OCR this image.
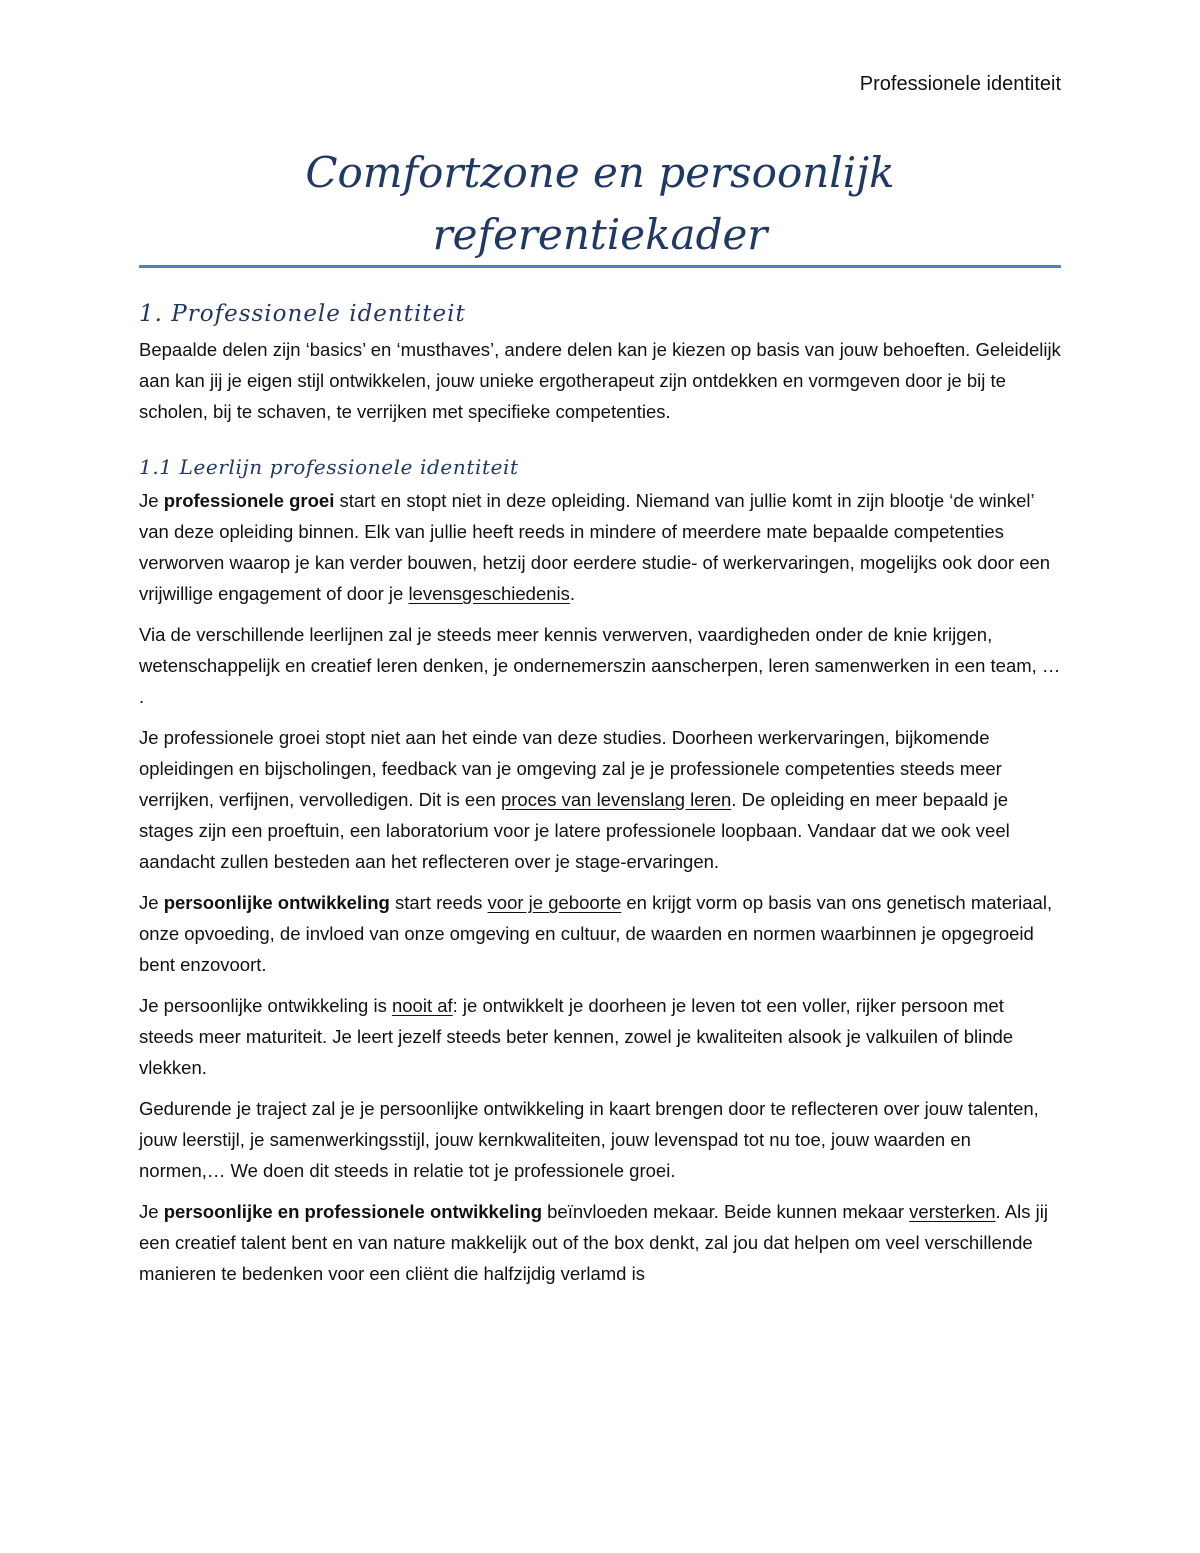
Professionele identiteit
Comfortzone en persoonlijk referentiekader
1. Professionele identiteit

Bepaalde delen zijn ‘basics’ en ‘musthaves’, andere delen kan je kiezen op basis van jouw behoeften. Geleidelijk aan kan jij je eigen stijl ontwikkelen, jouw unieke ergotherapeut zijn ontdekken en vormgeven door je bij te scholen, bij te schaven, te verrijken met specifieke competenties.

1.1 Leerlijn professionele identiteit

Je professionele groei start en stopt niet in deze opleiding. Niemand van jullie komt in zijn blootje ‘de winkel’ van deze opleiding binnen. Elk van jullie heeft reeds in mindere of meerdere mate bepaalde competenties verworven waarop je kan verder bouwen, hetzij door eerdere studie- of werkervaringen, mogelijks ook door een vrijwillige engagement of door je levensgeschiedenis.

Via de verschillende leerlijnen zal je steeds meer kennis verwerven, vaardigheden onder de knie krijgen, wetenschappelijk en creatief leren denken, je ondernemerszin aanscherpen, leren samenwerken in een team, … .

Je professionele groei stopt niet aan het einde van deze studies. Doorheen werkervaringen, bijkomende opleidingen en bijscholingen, feedback van je omgeving zal je je professionele competenties steeds meer verrijken, verfijnen, vervolledigen. Dit is een proces van levenslang leren. De opleiding en meer bepaald je stages zijn een proeftuin, een laboratorium voor je latere professionele loopbaan. Vandaar dat we ook veel aandacht zullen besteden aan het reflecteren over je stage-ervaringen.

Je persoonlijke ontwikkeling start reeds voor je geboorte en krijgt vorm op basis van ons genetisch materiaal, onze opvoeding, de invloed van onze omgeving en cultuur, de waarden en normen waarbinnen je opgegroeid bent enzovoort.

Je persoonlijke ontwikkeling is nooit af: je ontwikkelt je doorheen je leven tot een voller, rijker persoon met steeds meer maturiteit. Je leert jezelf steeds beter kennen, zowel je kwaliteiten alsook je valkuilen of blinde vlekken.

Gedurende je traject zal je je persoonlijke ontwikkeling in kaart brengen door te reflecteren over jouw talenten, jouw leerstijl, je samenwerkingsstijl, jouw kernkwaliteiten, jouw levenspad tot nu toe, jouw waarden en normen,… We doen dit steeds in relatie tot je professionele groei.

Je persoonlijke en professionele ontwikkeling beïnvloeden mekaar. Beide kunnen mekaar versterken. Als jij een creatief talent bent en van nature makkelijk out of the box denkt, zal jou dat helpen om veel verschillende manieren te bedenken voor een cliënt die halfzijdig verlamd is
